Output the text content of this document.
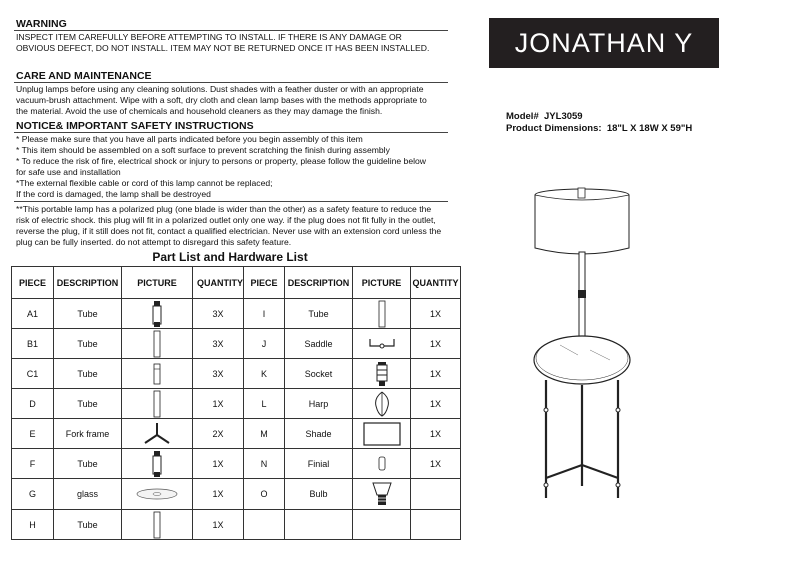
WARNING
INSPECT ITEM CAREFULLY BEFORE ATTEMPTING TO INSTALL. IF THERE IS ANY DAMAGE OR
OBVIOUS DEFECT, DO NOT INSTALL. ITEM MAY NOT BE RETURNED ONCE IT HAS BEEN INSTALLED.
CARE AND MAINTENANCE
Unplug lamps before using any cleaning solutions. Dust shades with a feather duster or with an appropriate
vacuum-brush attachment. Wipe with a soft, dry cloth and clean lamp bases with the methods appropriate to
the material. Avoid the use of chemicals and household cleaners as they may damage the finish.
NOTICE& IMPORTANT SAFETY INSTRUCTIONS
* Please make sure that you have all parts indicated before you begin assembly of this item
* This item should be assembled on a soft surface to prevent scratching the finish during assembly
* To reduce the risk of fire, electrical shock or injury to persons or property, please follow the guideline below
for safe use and installation
*The external flexible cable or cord of this lamp cannot be replaced;
If the cord is damaged, the lamp shall be destroyed
**This portable lamp has a polarized plug (one blade is wider than the other) as a safety feature to reduce the
risk of electric shock. this plug will fit in a polarized outlet only one way. if the plug does not fit fully in the outlet,
reverse the plug, if it still does not fit, contact a qualified electrician. Never use with an extension cord unless the
plug can be fully inserted. do not attempt to disregard this safety feature.
JONATHAN Y
Model# JYL3059
Product Dimensions: 18"L X 18W X 59"H
Part List and Hardware List
PIECE	DESCRIPTION	PICTURE	QUANTITY	PIECE	DESCRIPTION	PICTURE	QUANTITY
A1	Tube		3X	I	Tube		1X
B1	Tube		3X	J	Saddle		1X
C1	Tube		3X	K	Socket		1X
D	Tube		1X	L	Harp		1X
E	Fork frame		2X	M	Shade		1X
F	Tube		1X	N	Finial		1X
G	glass		1X	O	Bulb	

H	Tube		1X				
